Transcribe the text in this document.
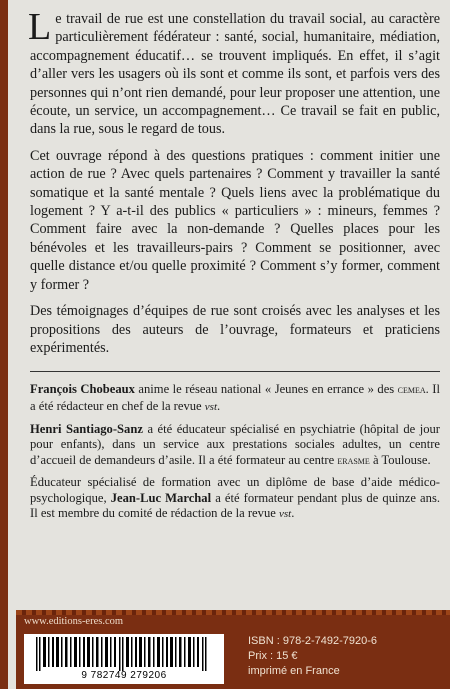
Le travail de rue est une constellation du travail social, au caractère particulièrement fédérateur : santé, social, humanitaire, médiation, accompagnement éducatif… se trouvent impliqués. En effet, il s’agit d’aller vers les usagers où ils sont et comme ils sont, et parfois vers des personnes qui n’ont rien demandé, pour leur proposer une attention, une écoute, un service, un accompagnement… Ce travail se fait en public, dans la rue, sous le regard de tous.

Cet ouvrage répond à des questions pratiques : comment initier une action de rue ? Avec quels partenaires ? Comment y travailler la santé somatique et la santé mentale ? Quels liens avec la problématique du logement ? Y a-t-il des publics « particuliers » : mineurs, femmes ? Comment faire avec la non-demande ? Quelles places pour les bénévoles et les travailleurs-pairs ? Comment se positionner, avec quelle distance et/ou quelle proximité ? Comment s’y former, comment y former ?

Des témoignages d’équipes de rue sont croisés avec les analyses et les propositions des auteurs de l’ouvrage, formateurs et praticiens expérimentés.

François Chobeaux anime le réseau national « Jeunes en errance » des cemea. Il a été rédacteur en chef de la revue vst.

Henri Santiago-Sanz a été éducateur spécialisé en psychiatrie (hôpital de jour pour enfants), dans un service aux prestations sociales adultes, un centre d’accueil de demandeurs d’asile. Il a été formateur au centre erasme à Toulouse.

Éducateur spécialisé de formation avec un diplôme de base d’aide médico-psychologique, Jean-Luc Marchal a été formateur pendant plus de quinze ans. Il est membre du comité de rédaction de la revue vst.

www.editions-eres.com
9 782749 279206
ISBN : 978-2-7492-7920-6
Prix : 15 €
imprimé en France
